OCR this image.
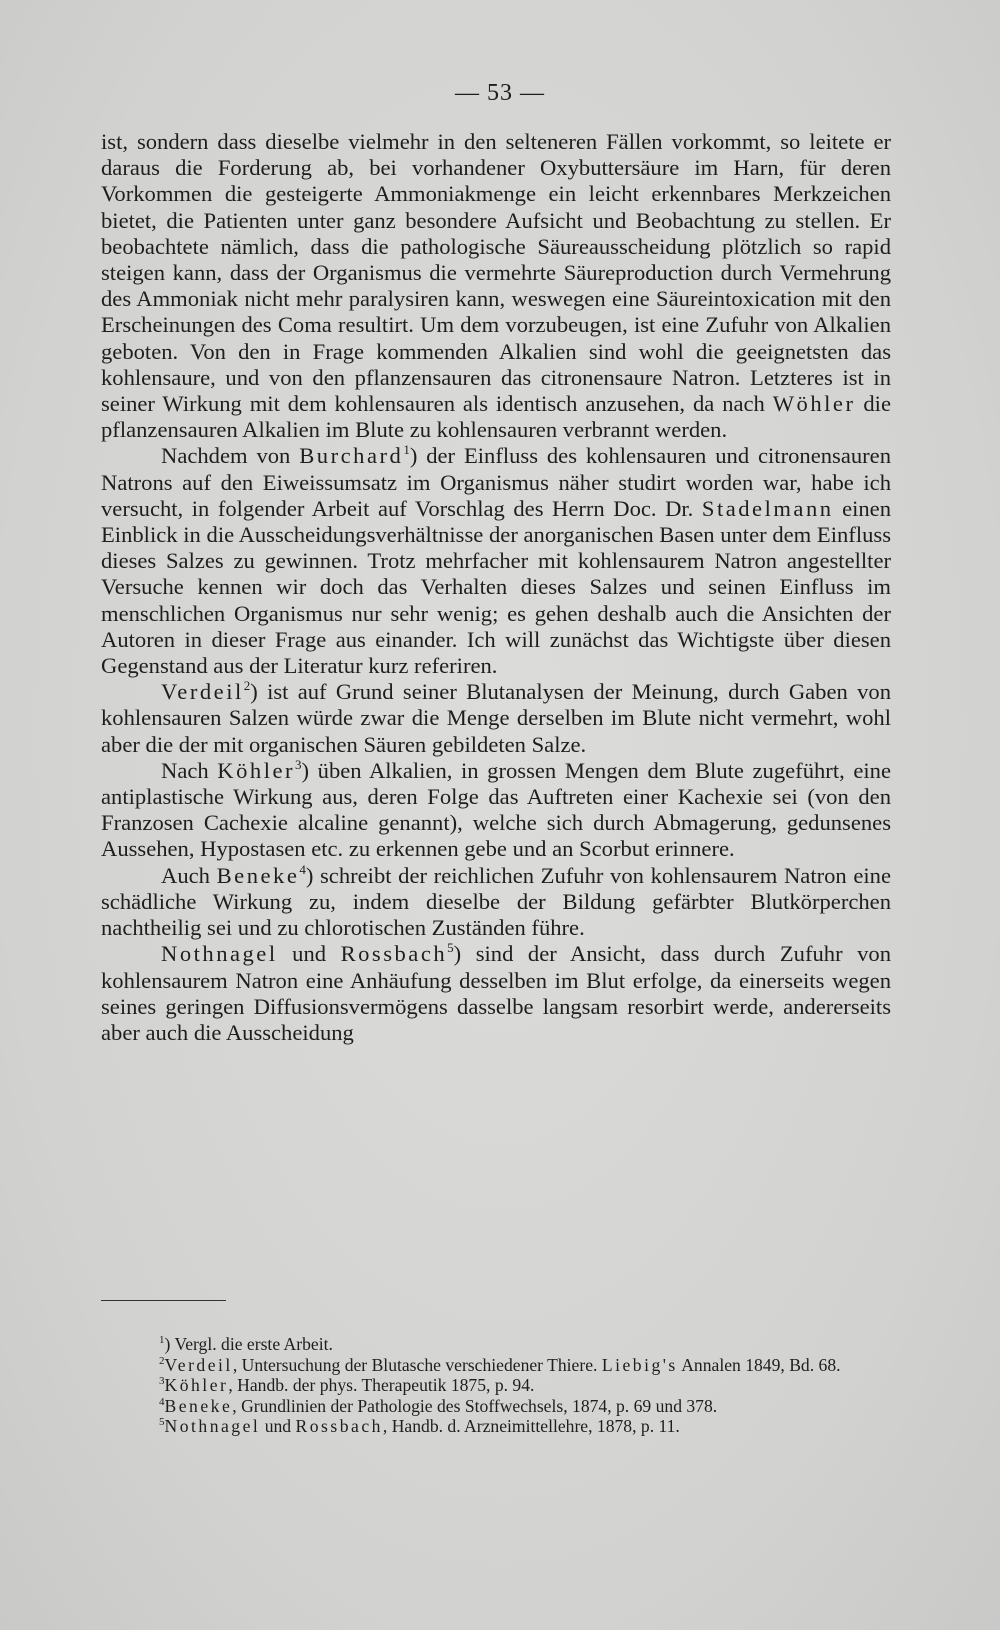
— 53 —

ist, sondern dass dieselbe vielmehr in den selteneren Fällen vorkommt, so leitete er daraus die Forderung ab, bei vorhandener Oxybuttersäure im Harn, für deren Vorkommen die gesteigerte Ammoniakmenge ein leicht erkennbares Merkzeichen bietet, die Patienten unter ganz besondere Aufsicht und Beobachtung zu stellen. Er beobachtete nämlich, dass die pathologische Säureausscheidung plötzlich so rapid steigen kann, dass der Organismus die vermehrte Säureproduction durch Vermehrung des Ammoniak nicht mehr paralysiren kann, weswegen eine Säureintoxication mit den Erscheinungen des Coma resultirt. Um dem vorzubeugen, ist eine Zufuhr von Alkalien geboten. Von den in Frage kommenden Alkalien sind wohl die geeignetsten das kohlensaure, und von den pflanzensauren das citronensaure Natron. Letzteres ist in seiner Wirkung mit dem kohlensauren als identisch anzusehen, da nach Wöhler die pflanzensauren Alkalien im Blute zu kohlensauren verbrannt werden.

Nachdem von Burchard$^1$) der Einfluss des kohlensauren und citronensauren Natrons auf den Eiweissumsatz im Organismus näher studirt worden war, habe ich versucht, in folgender Arbeit auf Vorschlag des Herrn Doc. Dr. Stadelmann einen Einblick in die Ausscheidungsverhältnisse der anorganischen Basen unter dem Einfluss dieses Salzes zu gewinnen. Trotz mehrfacher mit kohlensaurem Natron angestellter Versuche kennen wir doch das Verhalten dieses Salzes und seinen Einfluss im menschlichen Organismus nur sehr wenig; es gehen deshalb auch die Ansichten der Autoren in dieser Frage aus einander. Ich will zunächst das Wichtigste über diesen Gegenstand aus der Literatur kurz referiren.

Verdeil$^2$) ist auf Grund seiner Blutanalysen der Meinung, durch Gaben von kohlensauren Salzen würde zwar die Menge derselben im Blute nicht vermehrt, wohl aber die der mit organischen Säuren gebildeten Salze.

Nach Köhler$^3$) üben Alkalien, in grossen Mengen dem Blute zugeführt, eine antiplastische Wirkung aus, deren Folge das Auftreten einer Kachexie sei (von den Franzosen Cachexie alcaline genannt), welche sich durch Abmagerung, gedunsenes Aussehen, Hypostasen etc. zu erkennen gebe und an Scorbut erinnere.

Auch Beneke$^4$) schreibt der reichlichen Zufuhr von kohlensaurem Natron eine schädliche Wirkung zu, indem dieselbe der Bildung gefärbter Blutkörperchen nachtheilig sei und zu chlorotischen Zuständen führe.

Nothnagel und Rossbach$^5$) sind der Ansicht, dass durch Zufuhr von kohlensaurem Natron eine Anhäufung desselben im Blut erfolge, da einerseits wegen seines geringen Diffusionsvermögens dasselbe langsam resorbirt werde, andererseits aber auch die Ausscheidung

$^1$) Vergl. die erste Arbeit.

$^2$Verdeil, Untersuchung der Blutasche verschiedener Thiere. Liebig's Annalen 1849, Bd. 68.

$^3$Köhler, Handb. der phys. Therapeutik 1875, p. 94.

$^4$Beneke, Grundlinien der Pathologie des Stoffwechsels, 1874, p. 69 und 378.

$^5$Nothnagel und Rossbach, Handb. d. Arzneimittellehre, 1878, p. 11.
